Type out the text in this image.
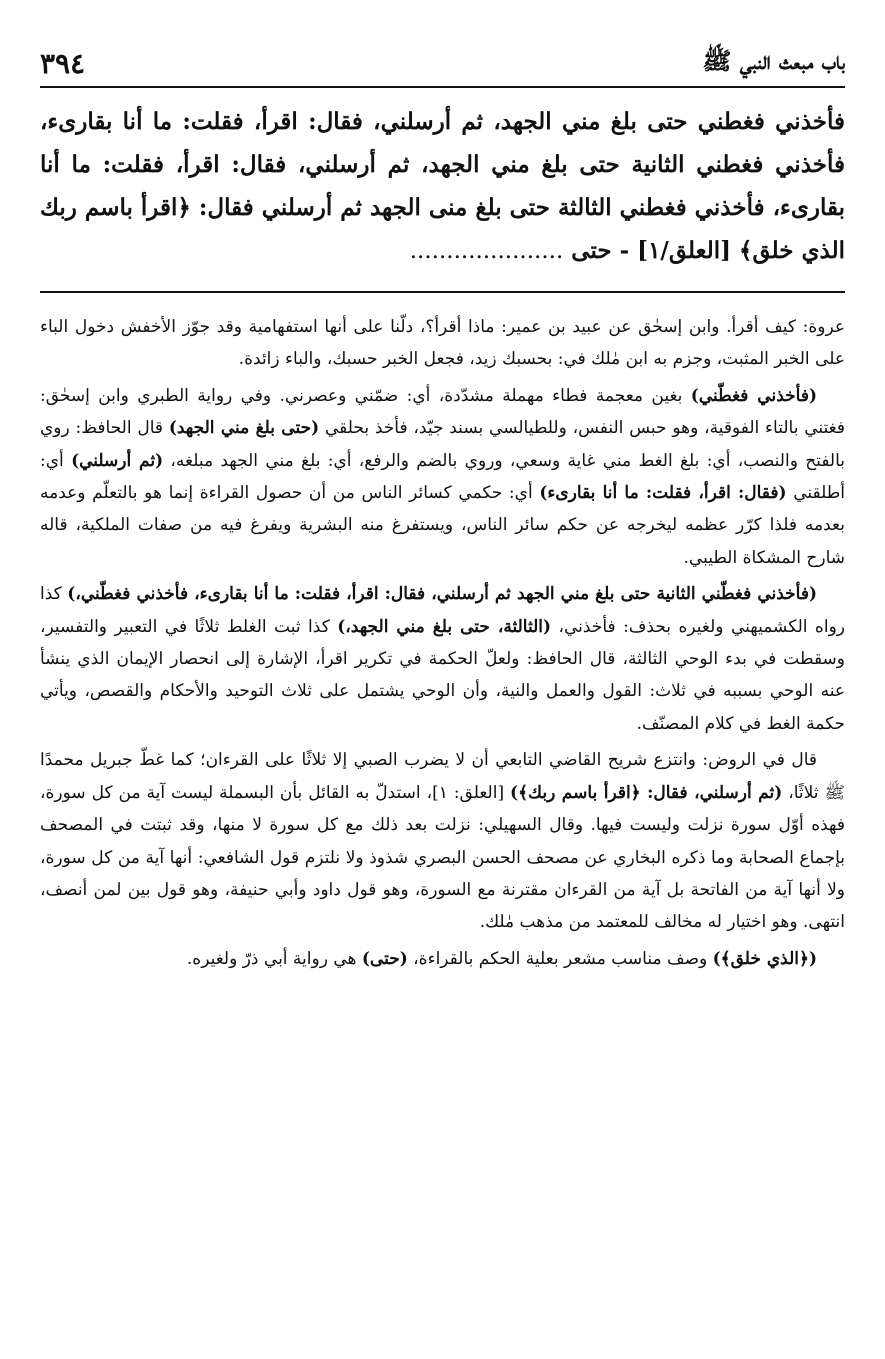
باب مبعث النبي ﷺ
٣٩٤

فأخذني فغطني حتى بلغ مني الجهد، ثم أرسلني، فقال: اقرأ، فقلت: ما أنا بقارىء، فأخذني فغطني الثانية حتى بلغ مني الجهد، ثم أرسلني، فقال: اقرأ، فقلت: ما أنا بقارىء، فأخذني فغطني الثالثة حتى بلغ منى الجهد ثم أرسلني فقال: ﴿اقرأ باسم ربك الذي خلق﴾ [العلق/١] - حتى .....................

عروة: كيف أقرأ. وابن إسحٰق عن عبيد بن عمير: ماذا أقرأ؟، دلّنا على أنها استفهامية وقد جوّز الأخفش دخول الباء على الخبر المثبت، وجزم به ابن مٰلك في: بحسبك زيد، فجعل الخبر حسبك، والباء زائدة.

(فأخذني فغطّني) بغين معجمة فطاء مهملة مشدّدة، أي: ضمّني وعصرني. وفي رواية الطبري وابن إسحٰق: فغتني بالتاء الفوقية، وهو حبس النفس، وللطيالسي بسند جيّد، فأخذ بحلقي (حتى بلغ مني الجهد) قال الحافظ: روي بالفتح والنصب، أي: بلغ الغط مني غاية وسعي، وروي بالضم والرفع، أي: بلغ مني الجهد مبلغه، (ثم أرسلني) أي: أطلقني (فقال: اقرأ، فقلت: ما أنا بقارىء) أي: حكمي كسائر الناس من أن حصول القراءة إنما هو بالتعلّم وعدمه بعدمه فلذا كرّر عظمه ليخرجه عن حكم سائر الناس، ويستفرغ منه البشرية ويفرغ فيه من صفات الملكية، قاله شارح المشكاة الطيبي.

(فأخذني فغطّني الثانية حتى بلغ مني الجهد ثم أرسلني، فقال: اقرأ، فقلت: ما أنا بقارىء، فأخذني فغطّني،) كذا رواه الكشميهني ولغيره بحذف: فأخذني، (الثالثة، حتى بلغ مني الجهد،) كذا ثبت الغلط ثلاثًا في التعبير والتفسير، وسقطت في بدء الوحي الثالثة، قال الحافظ: ولعلّ الحكمة في تكرير اقرأ، الإشارة إلى انحصار الإيمان الذي ينشأ عنه الوحي بسببه في ثلاث: القول والعمل والنية، وأن الوحي يشتمل على ثلاث التوحيد والأحكام والقصص، ويأتي حكمة الغط في كلام المصنّف.

قال في الروض: وانتزع شريح القاضي التابعي أن لا يضرب الصبي إلا ثلاثًا على القرءان؛ كما غطّ جبريل محمدًا ﷺ ثلاثًا، (ثم أرسلني، فقال: ﴿اقرأ باسم ربك﴾) [العلق: ١]، استدلّ به القائل بأن البسملة ليست آية من كل سورة، فهذه أوّل سورة نزلت وليست فيها. وقال السهيلي: نزلت بعد ذلك مع كل سورة لا منها، وقد ثبتت في المصحف بإجماع الصحابة وما ذكره البخاري عن مصحف الحسن البصري شذوذ ولا نلتزم قول الشافعي: أنها آية من كل سورة، ولا أنها آية من الفاتحة بل آية من القرءان مقترنة مع السورة، وهو قول داود وأبي حنيفة، وهو قول بين لمن أنصف، انتهى. وهو اختيار له مخالف للمعتمد من مذهب مٰلك.

(﴿الذي خلق﴾) وصف مناسب مشعر بعلية الحكم بالقراءة، (حتى) هي رواية أبي ذرّ ولغيره.
